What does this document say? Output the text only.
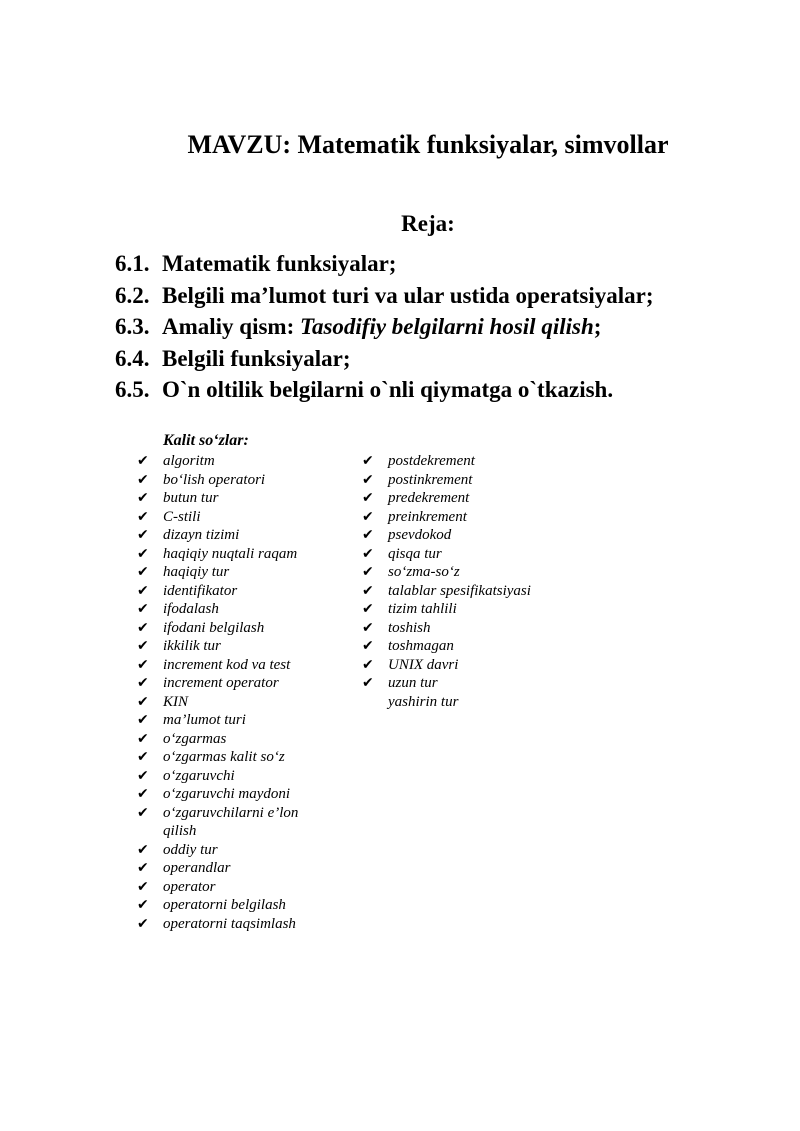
MAVZU: Matematik funksiyalar, simvollar
Reja:
6.1. Matematik funksiyalar;
6.2. Belgili ma’lumot turi va ular ustida operatsiyalar;
6.3. Amaliy qism: Tasodifiy belgilarni hosil qilish ;
6.4. Belgili funksiyalar;
6.5. O`n oltilik belgilarni o`nli qiymatga o`tkazish.
Kalit so‘zlar:
✔ algoritm
✔ bo‘lish operatori
✔ butun tur
✔ C-stili
✔ dizayn tizimi
✔ haqiqiy nuqtali raqam
✔ haqiqiy tur
✔ identifikator
✔ ifodalash
✔ ifodani belgilash
✔ ikkilik tur
✔ increment kod va test
✔ increment operator
✔ KIN
✔ ma’lumot turi
✔ o‘zgarmas
✔ o‘zgarmas kalit so‘z
✔ o‘zgaruvchi
✔ o‘zgaruvchi maydoni
✔ o‘zgaruvchilarni e’lon qilish
✔ oddiy tur
✔ operandlar
✔ operator
✔ operatorni belgilash
✔ operatorni taqsimlash
✔ postdekrement
✔ postinkrement
✔ predekrement
✔ preinkrement
✔ psevdokod
✔ qisqa tur
✔ so‘zma-so‘z
✔ talablar spesifikatsiyasi
✔ tizim tahlili
✔ toshish
✔ toshmagan
✔ UNIX davri
✔ uzun tur
yashirin tur
